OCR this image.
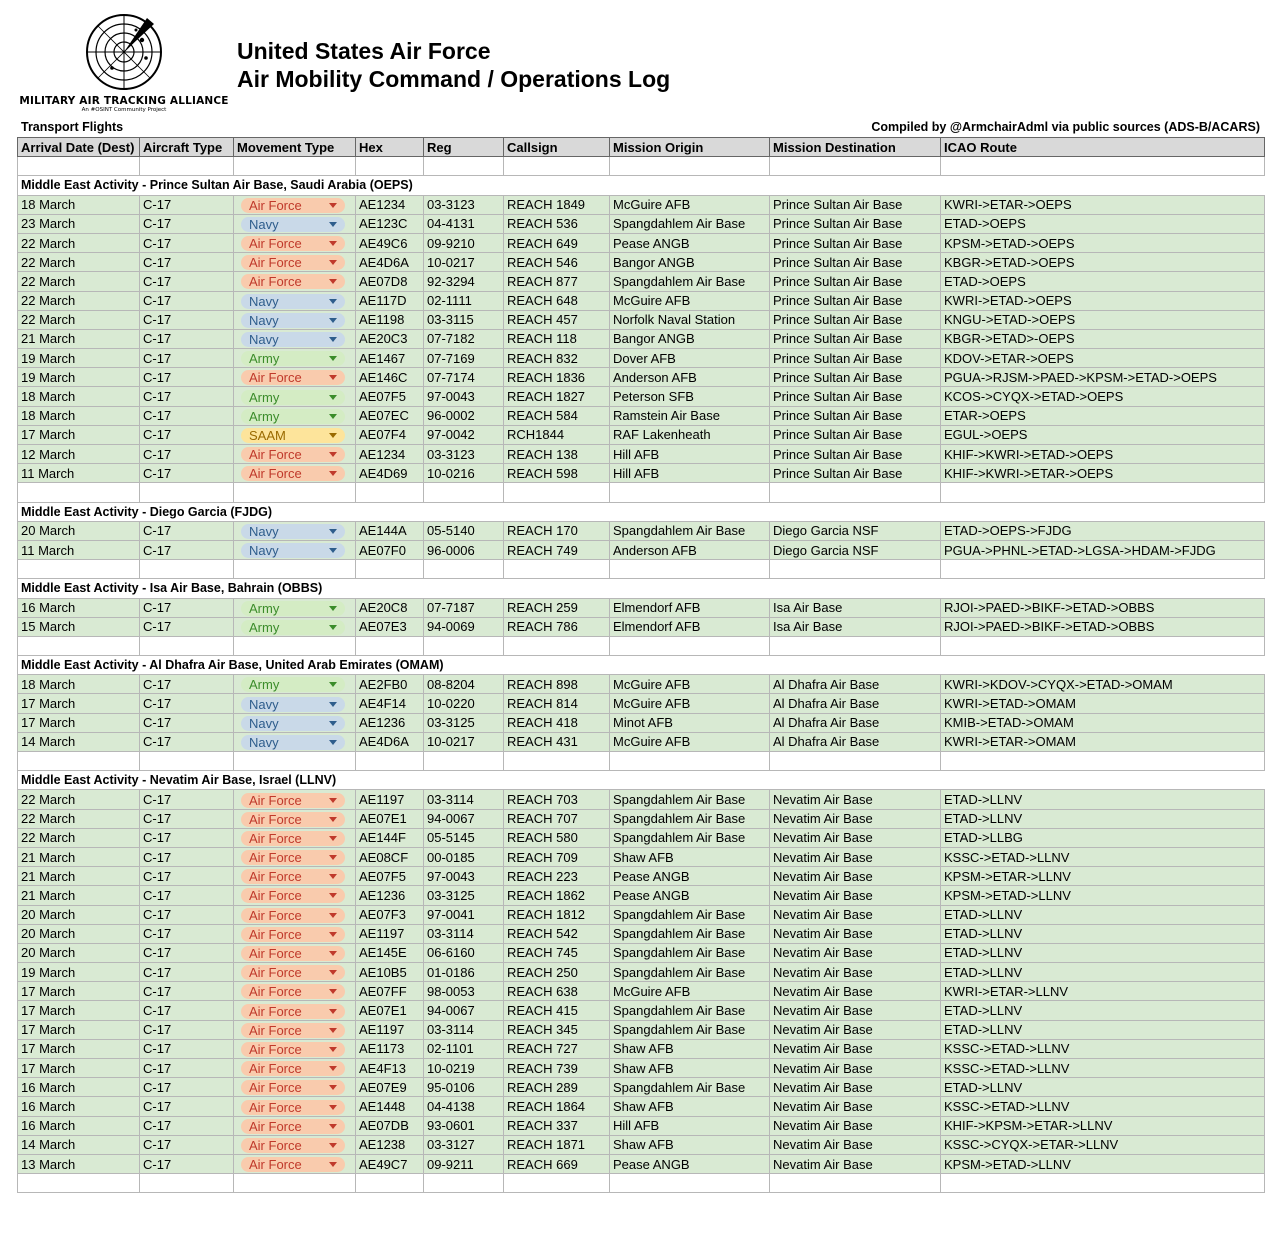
MILITARY AIR TRACKING ALLIANCE
An #OSINT Community Project
United States Air Force
Air Mobility Command / Operations Log
Transport Flights	Compiled by @ArmchairAdml via public sources (ADS-B/ACARS)
Arrival Date (Dest)	Aircraft Type	Movement Type	Hex	Reg	Callsign	Mission Origin	Mission Destination	ICAO Route

Middle East Activity - Prince Sultan Air Base, Saudi Arabia (OEPS)								
18 March	C-17	Air Force	AE1234	03-3123	REACH 1849	McGuire AFB	Prince Sultan Air Base	KWRI->ETAR->OEPS
23 March	C-17	Navy	AE123C	04-4131	REACH 536	Spangdahlem Air Base	Prince Sultan Air Base	ETAD->OEPS
22 March	C-17	Air Force	AE49C6	09-9210	REACH 649	Pease ANGB	Prince Sultan Air Base	KPSM->ETAD->OEPS
22 March	C-17	Air Force	AE4D6A	10-0217	REACH 546	Bangor ANGB	Prince Sultan Air Base	KBGR->ETAD->OEPS
22 March	C-17	Air Force	AE07D8	92-3294	REACH 877	Spangdahlem Air Base	Prince Sultan Air Base	ETAD->OEPS
22 March	C-17	Navy	AE117D	02-1111	REACH 648	McGuire AFB	Prince Sultan Air Base	KWRI->ETAD->OEPS
22 March	C-17	Navy	AE1198	03-3115	REACH 457	Norfolk Naval Station	Prince Sultan Air Base	KNGU->ETAD->OEPS
21 March	C-17	Navy	AE20C3	07-7182	REACH 118	Bangor ANGB	Prince Sultan Air Base	KBGR->ETAD>-OEPS
19 March	C-17	Army	AE1467	07-7169	REACH 832	Dover AFB	Prince Sultan Air Base	KDOV->ETAR->OEPS
19 March	C-17	Air Force	AE146C	07-7174	REACH 1836	Anderson AFB	Prince Sultan Air Base	PGUA->RJSM->PAED->KPSM->ETAD->OEPS
18 March	C-17	Army	AE07F5	97-0043	REACH 1827	Peterson SFB	Prince Sultan Air Base	KCOS->CYQX->ETAD->OEPS
18 March	C-17	Army	AE07EC	96-0002	REACH 584	Ramstein Air Base	Prince Sultan Air Base	ETAR->OEPS
17 March	C-17	SAAM	AE07F4	97-0042	RCH1844	RAF Lakenheath	Prince Sultan Air Base	EGUL->OEPS
12 March	C-17	Air Force	AE1234	03-3123	REACH 138	Hill AFB	Prince Sultan Air Base	KHIF->KWRI->ETAD->OEPS
11 March	C-17	Air Force	AE4D69	10-0216	REACH 598	Hill AFB	Prince Sultan Air Base	KHIF->KWRI->ETAR->OEPS

Middle East Activity - Diego Garcia (FJDG)								
20 March	C-17	Navy	AE144A	05-5140	REACH 170	Spangdahlem Air Base	Diego Garcia NSF	ETAD->OEPS->FJDG
11 March	C-17	Navy	AE07F0	96-0006	REACH 749	Anderson AFB	Diego Garcia NSF	PGUA->PHNL->ETAD->LGSA->HDAM->FJDG

Middle East Activity - Isa Air Base, Bahrain (OBBS)								
16 March	C-17	Army	AE20C8	07-7187	REACH 259	Elmendorf AFB	Isa Air Base	RJOI->PAED->BIKF->ETAD->OBBS
15 March	C-17	Army	AE07E3	94-0069	REACH 786	Elmendorf AFB	Isa Air Base	RJOI->PAED->BIKF->ETAD->OBBS

Middle East Activity - Al Dhafra Air Base, United Arab Emirates (OMAM)								
18 March	C-17	Army	AE2FB0	08-8204	REACH 898	McGuire AFB	Al Dhafra Air Base	KWRI->KDOV->CYQX->ETAD->OMAM
17 March	C-17	Navy	AE4F14	10-0220	REACH 814	McGuire AFB	Al Dhafra Air Base	KWRI->ETAD->OMAM
17 March	C-17	Navy	AE1236	03-3125	REACH 418	Minot AFB	Al Dhafra Air Base	KMIB->ETAD->OMAM
14 March	C-17	Navy	AE4D6A	10-0217	REACH 431	McGuire AFB	Al Dhafra Air Base	KWRI->ETAR->OMAM

Middle East Activity - Nevatim Air Base, Israel (LLNV)								
22 March	C-17	Air Force	AE1197	03-3114	REACH 703	Spangdahlem Air Base	Nevatim Air Base	ETAD->LLNV
22 March	C-17	Air Force	AE07E1	94-0067	REACH 707	Spangdahlem Air Base	Nevatim Air Base	ETAD->LLNV
22 March	C-17	Air Force	AE144F	05-5145	REACH 580	Spangdahlem Air Base	Nevatim Air Base	ETAD->LLBG
21 March	C-17	Air Force	AE08CF	00-0185	REACH 709	Shaw AFB	Nevatim Air Base	KSSC->ETAD->LLNV
21 March	C-17	Air Force	AE07F5	97-0043	REACH 223	Pease ANGB	Nevatim Air Base	KPSM->ETAR->LLNV
21 March	C-17	Air Force	AE1236	03-3125	REACH 1862	Pease ANGB	Nevatim Air Base	KPSM->ETAD->LLNV
20 March	C-17	Air Force	AE07F3	97-0041	REACH 1812	Spangdahlem Air Base	Nevatim Air Base	ETAD->LLNV
20 March	C-17	Air Force	AE1197	03-3114	REACH 542	Spangdahlem Air Base	Nevatim Air Base	ETAD->LLNV
20 March	C-17	Air Force	AE145E	06-6160	REACH 745	Spangdahlem Air Base	Nevatim Air Base	ETAD->LLNV
19 March	C-17	Air Force	AE10B5	01-0186	REACH 250	Spangdahlem Air Base	Nevatim Air Base	ETAD->LLNV
17 March	C-17	Air Force	AE07FF	98-0053	REACH 638	McGuire AFB	Nevatim Air Base	KWRI->ETAR->LLNV
17 March	C-17	Air Force	AE07E1	94-0067	REACH 415	Spangdahlem Air Base	Nevatim Air Base	ETAD->LLNV
17 March	C-17	Air Force	AE1197	03-3114	REACH 345	Spangdahlem Air Base	Nevatim Air Base	ETAD->LLNV
17 March	C-17	Air Force	AE1173	02-1101	REACH 727	Shaw AFB	Nevatim Air Base	KSSC->ETAD->LLNV
17 March	C-17	Air Force	AE4F13	10-0219	REACH 739	Shaw AFB	Nevatim Air Base	KSSC->ETAD->LLNV
16 March	C-17	Air Force	AE07E9	95-0106	REACH 289	Spangdahlem Air Base	Nevatim Air Base	ETAD->LLNV
16 March	C-17	Air Force	AE1448	04-4138	REACH 1864	Shaw AFB	Nevatim Air Base	KSSC->ETAD->LLNV
16 March	C-17	Air Force	AE07DB	93-0601	REACH 337	Hill AFB	Nevatim Air Base	KHIF->KPSM->ETAR->LLNV
14 March	C-17	Air Force	AE1238	03-3127	REACH 1871	Shaw AFB	Nevatim Air Base	KSSC->CYQX->ETAR->LLNV
13 March	C-17	Air Force	AE49C7	09-9211	REACH 669	Pease ANGB	Nevatim Air Base	KPSM->ETAD->LLNV
